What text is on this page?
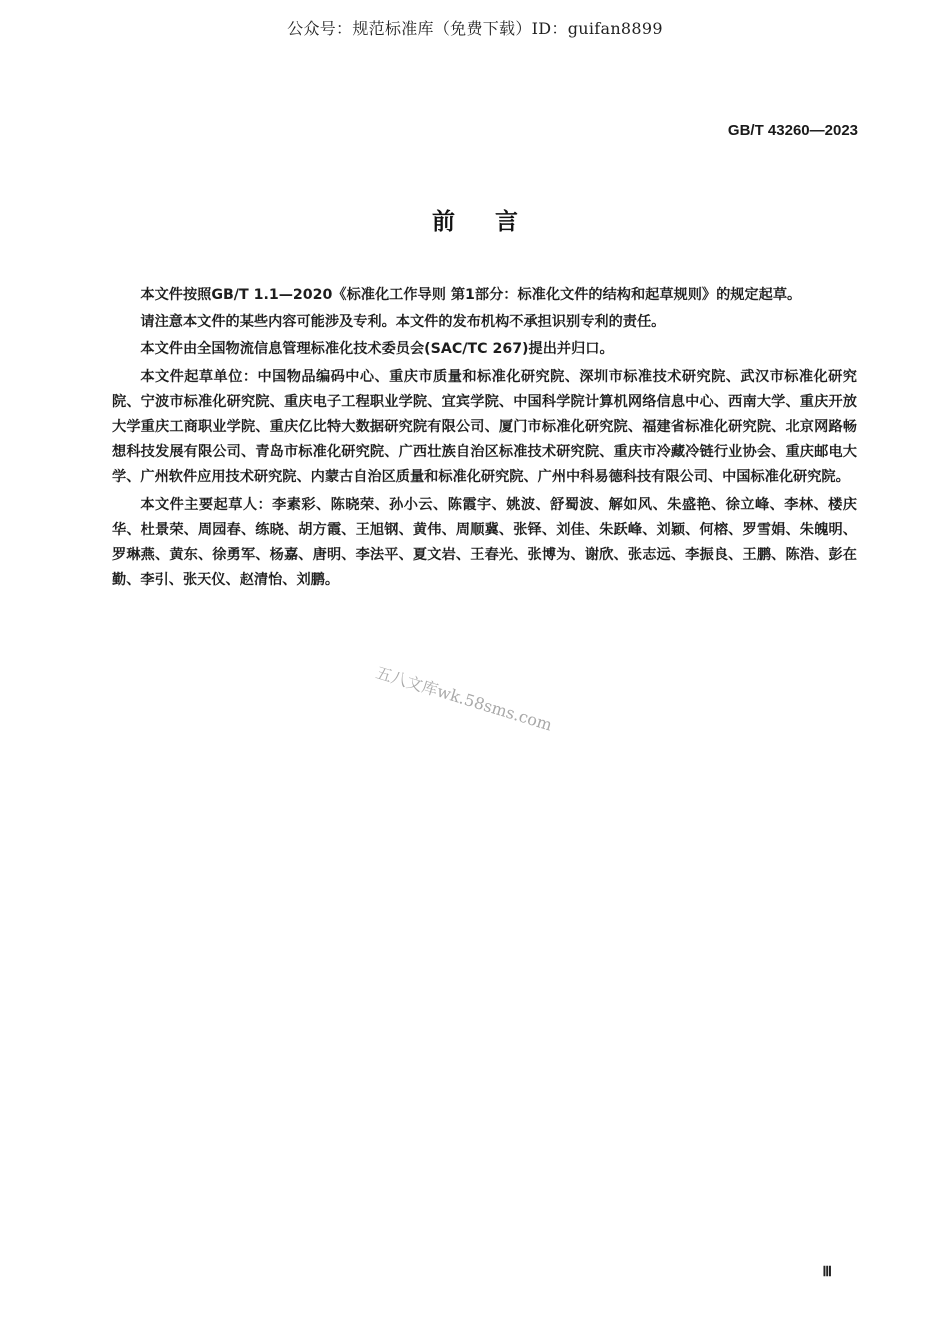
公众号：规范标准库（免费下载）ID：guifan8899
GB/T 43260—2023
前言

本文件按照GB/T 1.1—2020《标准化工作导则 第1部分：标准化文件的结构和起草规则》的规定起草。

请注意本文件的某些内容可能涉及专利。本文件的发布机构不承担识别专利的责任。

本文件由全国物流信息管理标准化技术委员会(SAC/TC 267)提出并归口。

本文件起草单位：中国物品编码中心、重庆市质量和标准化研究院、深圳市标准技术研究院、武汉市标准化研究院、宁波市标准化研究院、重庆电子工程职业学院、宜宾学院、中国科学院计算机网络信息中心、西南大学、重庆开放大学重庆工商职业学院、重庆亿比特大数据研究院有限公司、厦门市标准化研究院、福建省标准化研究院、北京网路畅想科技发展有限公司、青岛市标准化研究院、广西壮族自治区标准技术研究院、重庆市冷藏冷链行业协会、重庆邮电大学、广州软件应用技术研究院、内蒙古自治区质量和标准化研究院、广州中科易德科技有限公司、中国标准化研究院。

本文件主要起草人：李素彩、陈晓荣、孙小云、陈霞宇、姚波、舒蜀波、解如风、朱盛艳、徐立峰、李林、楼庆华、杜景荣、周园春、练晓、胡方霞、王旭钢、黄伟、周顺冀、张铎、刘佳、朱跃峰、刘颖、何榕、罗雪娟、朱魄明、罗琳燕、黄东、徐勇军、杨嘉、唐明、李法平、夏文岩、王春光、张博为、谢欣、张志远、李振良、王鹏、陈浩、彭在勤、李引、张天仪、赵清怡、刘鹏。

五八文库wk.58sms.com
Ⅲ
